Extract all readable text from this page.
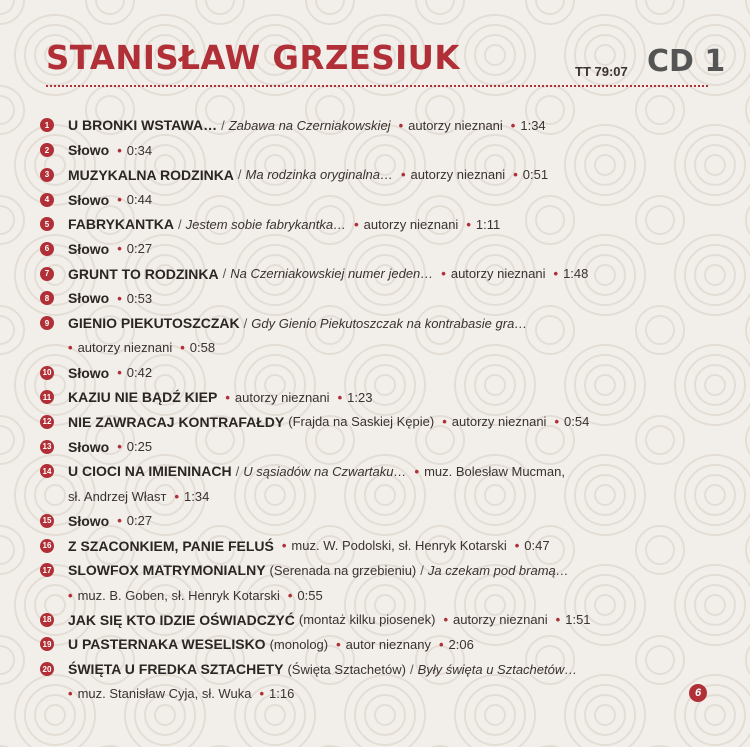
STANISŁAW GRZESIUK	TT 79:07 CD 1
1	U BRONKI WSTAWA… / Zabawa na Czerniakowskiej • autorzy nieznani • 1:34
2	Słowo • 0:34
3	MUZYKALNA RODZINKA / Ma rodzinka oryginalna… • autorzy nieznani • 0:51
4	Słowo • 0:44
5	FABRYKANTKA / Jestem sobie fabrykantka… • autorzy nieznani • 1:11
6	Słowo • 0:27
7	GRUNT TO RODZINKA / Na Czerniakowskiej numer jeden… • autorzy nieznani • 1:48
8	Słowo • 0:53
9	GIENIO PIEKUTOSZCZAK / Gdy Gienio Piekutoszczak na kontrabasie gra…
• autorzy nieznani • 0:58
10 Słowo • 0:42
11 KAZIU NIE BĄDŹ KIEP • autorzy nieznani • 1:23
12 NIE ZAWRACAJ KONTRAFAŁDY (Frajda na Saskiej Kępie) • autorzy nieznani • 0:54
13 Słowo • 0:25
14 U CIOCI NA IMIENINACH / U sąsiadów na Czwartaku… • muz. Bolesław Mucman,
sł. Andrzej Własт • 1:34
15 Słowo • 0:27
16 Z SZACONKIEM, PANIE FELUŚ • muz. W. Podolski, sł. Henryk Kotarski • 0:47
17 SLOWFOX MATRYMONIALNY (Serenada na grzebieniu) / Ja czekam pod bramą…
• muz. B. Goben, sł. Henryk Kotarski • 0:55
18 JAK SIĘ KTO IDZIE OŚWIADCZYĆ (montaż kilku piosenek) • autorzy nieznani • 1:51
19 U PASTERNAKA WESELISKO (monolog) • autor nieznany • 2:06
20 ŚWIĘTA U FREDKA SZTACHETY (Święta Sztachetów) / Były święta u Sztachetów…
• muz. Stanisław Cyja, sł. Wuka • 1:16	6
